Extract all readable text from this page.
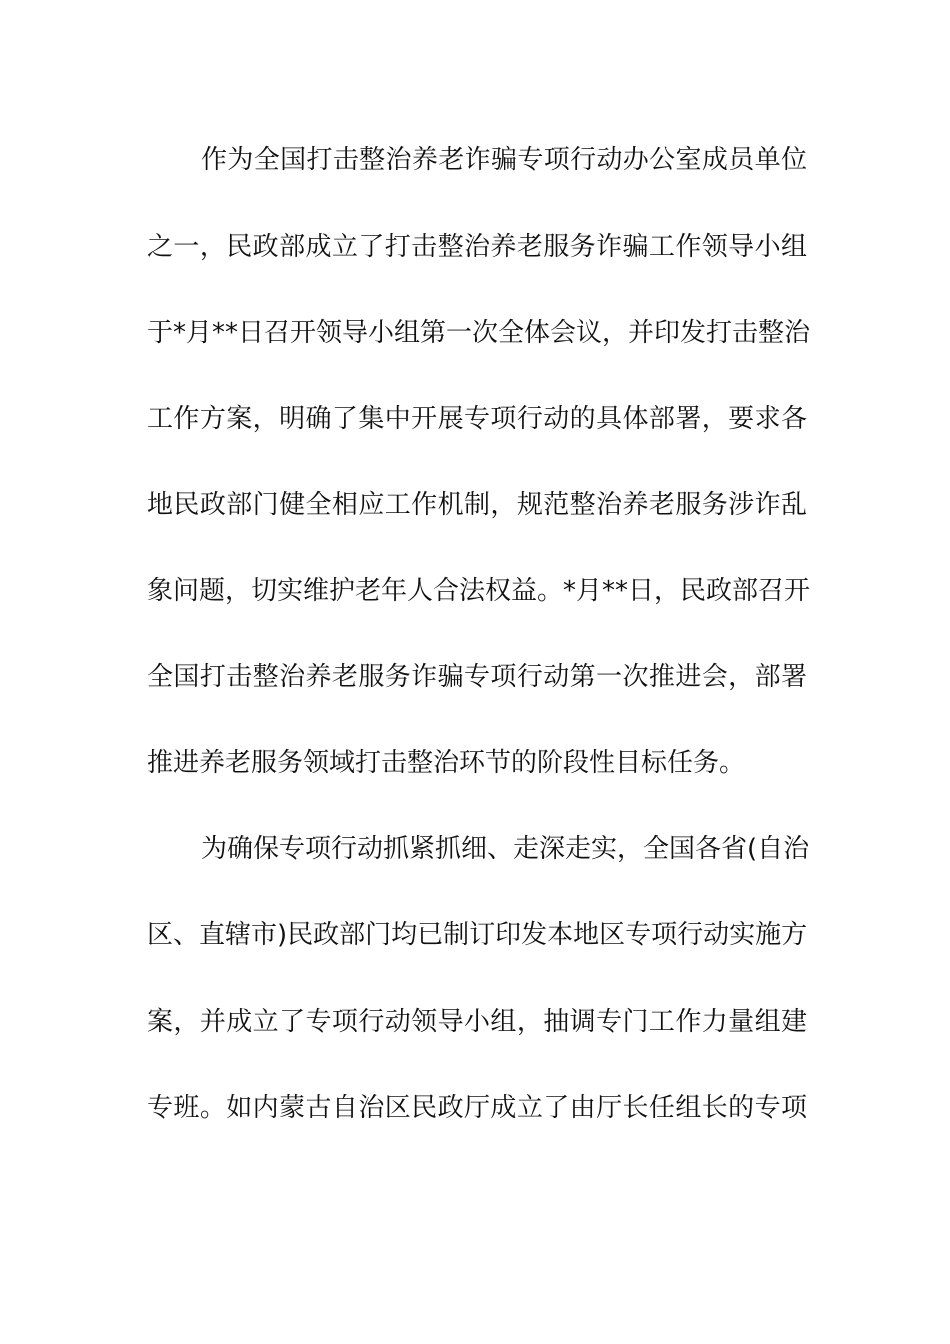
作为全国打击整治养老诈骗专项行动办公室成员单位
之一，民政部成立了打击整治养老服务诈骗工作领导小组
于*月**日召开领导小组第一次全体会议，并印发打击整治
工作方案，明确了集中开展专项行动的具体部署，要求各
地民政部门健全相应工作机制，规范整治养老服务涉诈乱
象问题，切实维护老年人合法权益。*月**日，民政部召开
全国打击整治养老服务诈骗专项行动第一次推进会，部署
推进养老服务领域打击整治环节的阶段性目标任务。
为确保专项行动抓紧抓细、走深走实，全国各省(自治
区、直辖市)民政部门均已制订印发本地区专项行动实施方
案，并成立了专项行动领导小组，抽调专门工作力量组建
专班。如内蒙古自治区民政厅成立了由厅长任组长的专项
